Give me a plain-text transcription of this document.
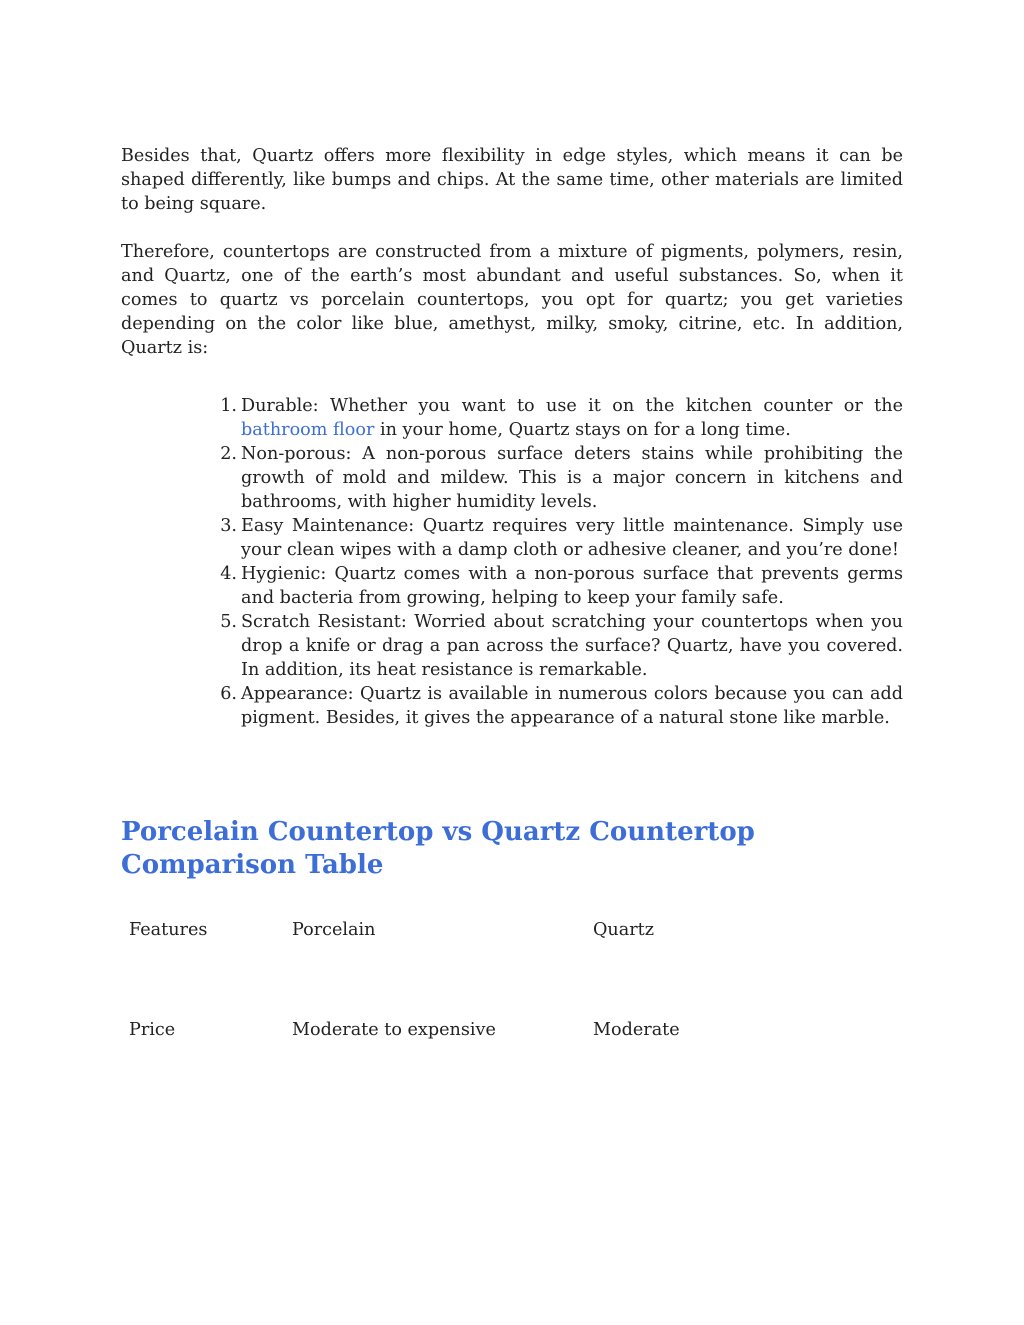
Besides that, Quartz offers more flexibility in edge styles, which means it can be shaped differently, like bumps and chips. At the same time, other materials are limited to being square.

Therefore, countertops are constructed from a mixture of pigments, polymers, resin, and Quartz, one of the earth’s most abundant and useful substances. So, when it comes to quartz vs porcelain countertops, you opt for quartz; you get varieties depending on the color like blue, amethyst, milky, smoky, citrine, etc. In addition, Quartz is:

1. Durable: Whether you want to use it on the kitchen counter or the bathroom floor in your home, Quartz stays on for a long time.
2. Non-porous: A non-porous surface deters stains while prohibiting the growth of mold and mildew. This is a major concern in kitchens and bathrooms, with higher humidity levels.
3. Easy Maintenance: Quartz requires very little maintenance. Simply use your clean wipes with a damp cloth or adhesive cleaner, and you’re done!
4. Hygienic: Quartz comes with a non-porous surface that prevents germs and bacteria from growing, helping to keep your family safe.
5. Scratch Resistant: Worried about scratching your countertops when you drop a knife or drag a pan across the surface? Quartz, have you covered. In addition, its heat resistance is remarkable.
6. Appearance: Quartz is available in numerous colors because you can add pigment. Besides, it gives the appearance of a natural stone like marble.
Porcelain Countertop vs Quartz Countertop Comparison Table
Features	Porcelain	Quartz
Price	Moderate to expensive	Moderate
